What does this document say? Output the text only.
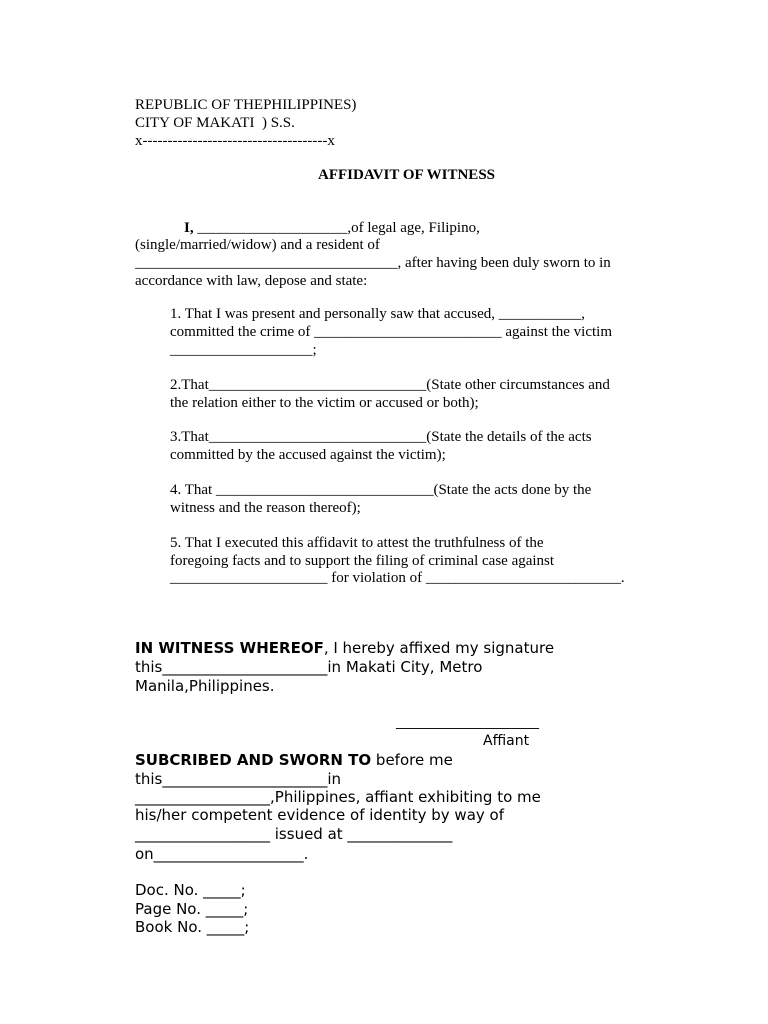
REPUBLIC OF THEPHILIPPINES)
CITY OF MAKATI  ) S.S.
x-------------------------------------x
AFFIDAVIT OF WITNESS
I, ____________________,of legal age, Filipino,
(single/married/widow) and a resident of
___________________________________, after having been duly sworn to in
accordance with law, depose and state:
1. That I was present and personally saw that accused, ___________,
committed the crime of _________________________ against the victim
___________________;
2.That_____________________________(State other circumstances and
the relation either to the victim or accused or both);
3.That_____________________________(State the details of the acts
committed by the accused against the victim);
4. That _____________________________(State the acts done by the
witness and the reason thereof);
5. That I executed this affidavit to attest the truthfulness of the
foregoing facts and to support the filing of criminal case against
_____________________ for violation of __________________________.
IN WITNESS WHEREOF, I hereby affixed my signature
this______________________in Makati City, Metro
Manila,Philippines.
______________________
Affiant
SUBCRIBED AND SWORN TO before me
this______________________in
__________________,Philippines, affiant exhibiting to me
his/her competent evidence of identity by way of
__________________ issued at ______________
on____________________.
Doc. No. _____;
Page No. _____;
Book No. _____;
